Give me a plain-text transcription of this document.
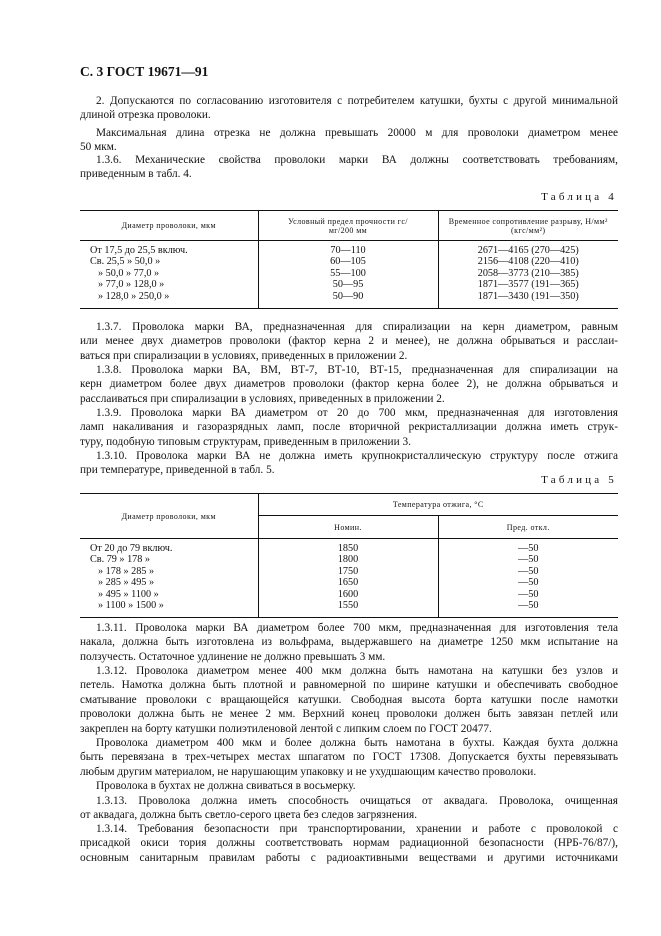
С. 3 ГОСТ 19671—91
2. Допускаются по согласованию изготовителя с потребителем катушки, бухты с другой минимальной
длиной отрезка проволоки.
Максимальная длина отрезка не должна превышать 20000 м для проволоки диаметром менее
50 мкм.
1.3.6. Механические свойства проволоки марки ВА должны соответствовать требованиям,
приведенным в табл. 4.
Таблица 4
Диаметр проволоки, мкм	Условный предел прочности гс/мг/200 мм	Временное сопротивление разрыву, Н/мм² (кгс/мм²)
От 17,5 до 25,5 включ.	70—110	2671—4165 (270—425)
Св. 25,5 » 50,0 »	60—105	2156—4108 (220—410)
» 50,0 » 77,0 »	55—100	2058—3773 (210—385)
» 77,0 » 128,0 »	50—95	1871—3577 (191—365)
» 128,0 » 250,0 »	50—90	1871—3430 (191—350)
1.3.7. Проволока марки ВА, предназначенная для спирализации на керн диаметром, равным
или менее двух диаметров проволоки (фактор керна 2 и менее), не должна обрываться и расслаи-
ваться при спирализации в условиях, приведенных в приложении 2.
1.3.8. Проволока марки ВА, ВМ, ВТ-7, ВТ-10, ВТ-15, предназначенная для спирализации на
керн диаметром более двух диаметров проволоки (фактор керна более 2), не должна обрываться и
расслаиваться при спирализации в условиях, приведенных в приложении 2.
1.3.9. Проволока марки ВА диаметром от 20 до 700 мкм, предназначенная для изготовления
ламп накаливания и газоразрядных ламп, после вторичной рекристаллизации должна иметь струк-
туру, подобную типовым структурам, приведенным в приложении 3.
1.3.10. Проволока марки ВА не должна иметь крупнокристаллическую структуру после отжига
при температуре, приведенной в табл. 5.
Таблица 5
Диаметр проволоки, мкм	Температура отжига, °С	
	Номин.	Пред. откл.
От 20 до 79 включ.	1850	—50
Св. 79 » 178 »	1800	—50
» 178 » 285 »	1750	—50
» 285 » 495 »	1650	—50
» 495 » 1100 »	1600	—50
» 1100 » 1500 »	1550	—50
1.3.11. Проволока марки ВА диаметром более 700 мкм, предназначенная для изготовления тела
накала, должна быть изготовлена из вольфрама, выдержавшего на диаметре 1250 мкм испытание на
ползучесть. Остаточное удлинение не должно превышать 3 мм.
1.3.12. Проволока диаметром менее 400 мкм должна быть намотана на катушки без узлов и
петель. Намотка должна быть плотной и равномерной по ширине катушки и обеспечивать свободное
сматывание проволоки с вращающейся катушки. Свободная высота борта катушки после намотки
проволоки должна быть не менее 2 мм. Верхний конец проволоки должен быть завязан петлей или
закреплен на борту катушки полиэтиленовой лентой с липким слоем по ГОСТ 20477.
Проволока диаметром 400 мкм и более должна быть намотана в бухты. Каждая бухта должна
быть перевязана в трех-четырех местах шпагатом по ГОСТ 17308. Допускается бухты перевязывать
любым другим материалом, не нарушающим упаковку и не ухудшающим качество проволоки.
Проволока в бухтах не должна свиваться в восьмерку.
1.3.13. Проволока должна иметь способность очищаться от аквадага. Проволока, очищенная
от аквадага, должна быть светло-серого цвета без следов загрязнения.
1.3.14. Требования безопасности при транспортировании, хранении и работе с проволокой с
присадкой окиси тория должны соответствовать нормам радиационной безопасности (НРБ-76/87/),
основным санитарным правилам работы с радиоактивными веществами и другими источниками
